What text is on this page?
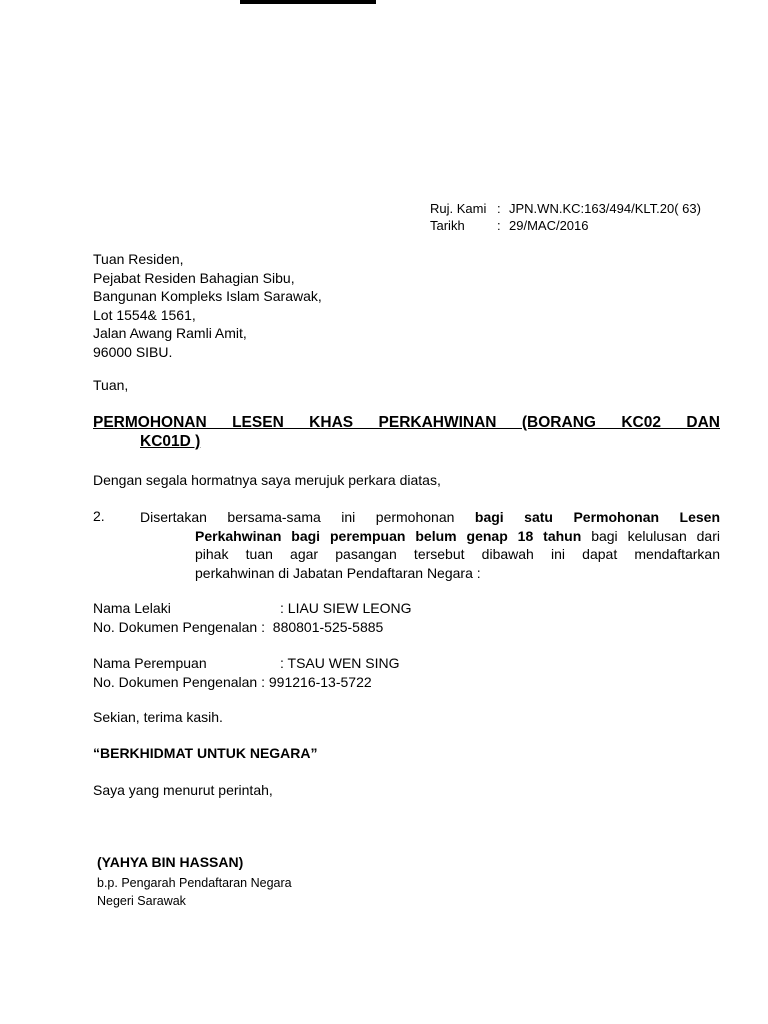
Ruj. Kami : JPN.WN.KC:163/494/KLT.20( 63)
Tarikh	: 29/MAC/2016
Tuan Residen,
Pejabat Residen Bahagian Sibu,
Bangunan Kompleks Islam Sarawak,
Lot 1554& 1561,
Jalan Awang Ramli Amit,
96000 SIBU.
Tuan,
PERMOHONAN LESEN KHAS PERKAHWINAN (BORANG KC02 DAN
KC01D )
Dengan segala hormatnya saya merujuk perkara diatas,
2.	Disertakan bersama-sama ini permohonan bagi satu Permohonan Lesen
Perkahwinan bagi perempuan belum genap 18 tahun bagi kelulusan dari
pihak tuan agar pasangan tersebut dibawah ini dapat mendaftarkan
perkahwinan di Jabatan Pendaftaran Negara :
Nama Lelaki	: LIAU SIEW LEONG
No. Dokumen Pengenalan : 880801-525-5885
Nama Perempuan	: TSAU WEN SING
No. Dokumen Pengenalan : 991216-13-5722
Sekian, terima kasih.
“BERKHIDMAT UNTUK NEGARA”
Saya yang menurut perintah,
(YAHYA BIN HASSAN)
b.p. Pengarah Pendaftaran Negara
Negeri Sarawak
